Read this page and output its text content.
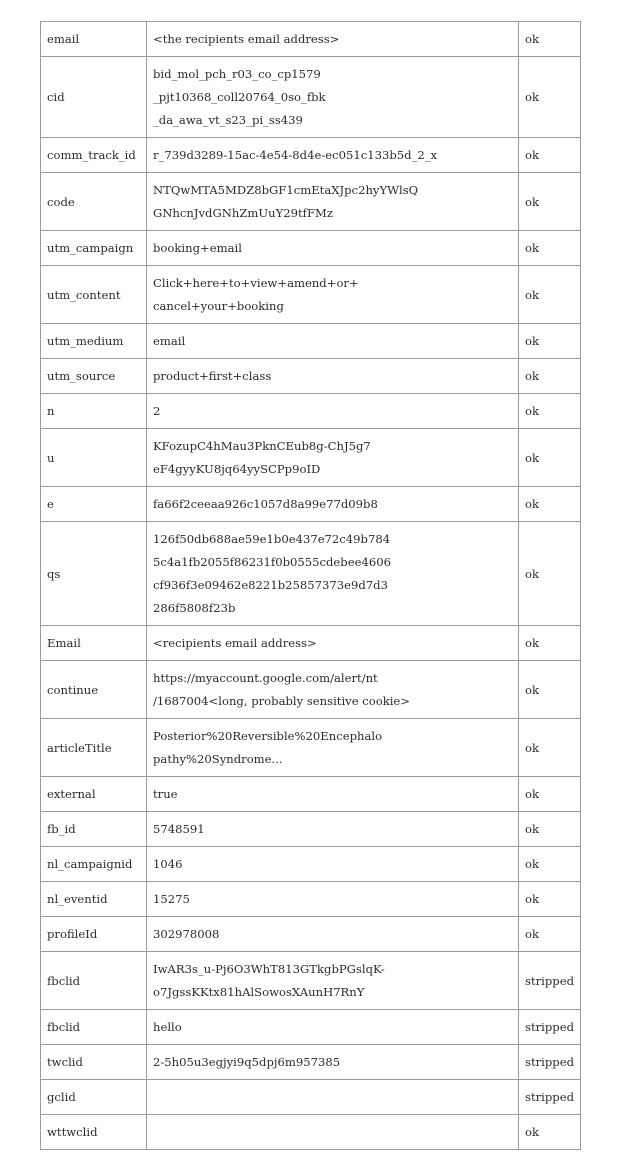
email	<the recipients email address>	ok
cid	bid_mol_pch_r03_co_cp1579
_pjt10368_coll20764_0so_fbk
_da_awa_vt_s23_pi_ss439	ok
comm_track_id	r_739d3289-15ac-4e54-8d4e-ec051c133b5d_2_x	ok
code	NTQwMTA5MDZ8bGF1cmEtaXJpc2hyYWlsQ
GNhcnJvdGNhZmUuY29tfFMz	ok
utm_campaign	booking+email	ok
utm_content	Click+here+to+view+amend+or+
cancel+your+booking	ok
utm_medium	email	ok
utm_source	product+first+class	ok
n	2	ok
u	KFozupC4hMau3PknCEub8g-ChJ5g7
eF4gyyKU8jq64yySCPp9oID	ok
e	fa66f2ceeaa926c1057d8a99e77d09b8	ok
qs	126f50db688ae59e1b0e437e72c49b784
5c4a1fb2055f86231f0b0555cdebee4606
cf936f3e09462e8221b25857373e9d7d3
286f5808f23b	ok
Email	<recipients email address>	ok
continue	https://myaccount.google.com/alert/nt
/1687004<long, probably sensitive cookie>	ok
articleTitle	Posterior%20Reversible%20Encephalo
pathy%20Syndrome...	ok
external	true	ok
fb_id	5748591	ok
nl_campaignid	1046	ok
nl_eventid	15275	ok
profileId	302978008	ok
fbclid	IwAR3s_u-Pj6O3WhT813GTkgbPGslqK-
o7JgssKKtx81hAlSowosXAunH7RnY	stripped
fbclid	hello	stripped
twclid	2-5h05u3egjyi9q5dpj6m957385	stripped
gclid		stripped
wttwclid		ok
